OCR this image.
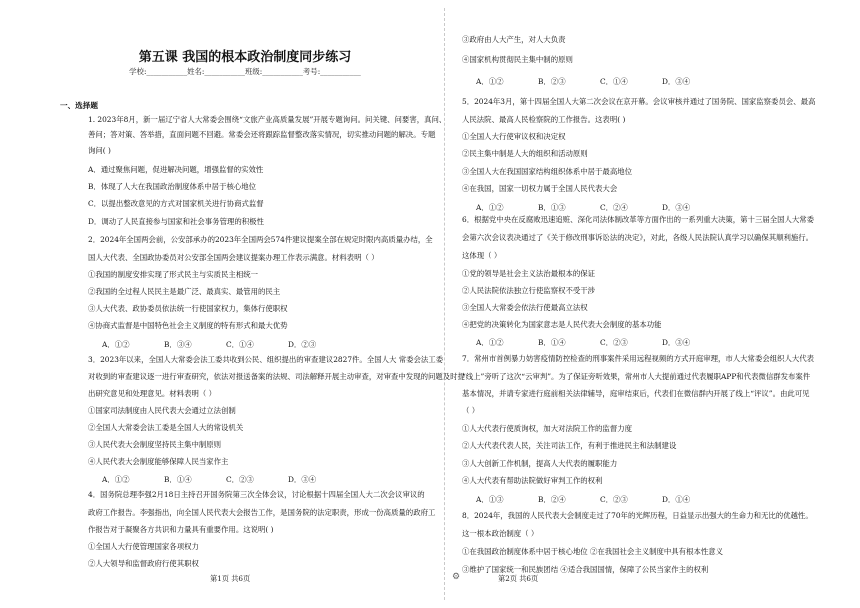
第五课 我国的根本政治制度同步练习
学校:___________姓名:___________班级:___________考号:___________
一、选择题
1. 2023年8月，新一届辽宁省人大常委会围绕“文旅产业高质量发展”开展专题询问。问关键、问要害，真问、
善问；答对策、答举措，直面问题不回避。常委会还将跟踪监督整改落实情况，切实推动问题的解决。专题
询问( )
A．通过聚焦问题，促进解决问题，增强监督的实效性
B．体现了人大在我国政治制度体系中居于核心地位
C．以提出整改意见的方式对国家机关进行协商式监督
D．调动了人民直接参与国家和社会事务管理的积极性
2．2024年全国两会前，公安部承办的2023年全国两会574件建议提案全部在规定时限内高质量办结，全
国人大代表、全国政协委员对公安部全国两会建议提案办理工作表示满意。材料表明（ ）
①我国的制度安排实现了形式民主与实质民主相统一
②我国的全过程人民民主是最广泛、最真实、最管用的民主
③人大代表、政协委员依法统一行使国家权力，集体行使职权
④协商式监督是中国特色社会主义制度的特有形式和最大优势
3．2023年以来，全国人大常委会法工委共收到公民、组织提出的审查建议2827件。全国人大 常委会法工委
对收到的审查建议逐一进行审查研究，依法对报送备案的法规、司法解释开展主动审查，对审查中发现的问题及时提
出研究意见和处理意见。材料表明（ ）
①国家司法制度由人民代表大会通过立法创制
②全国人大常委会法工委是全国人大的常设机关
③人民代表大会制度坚持民主集中制原则
④人民代表大会制度能够保障人民当家作主
4．国务院总理李强2月18日主持召开国务院第三次全体会议，讨论根据十四届全国人大二次会议审议的
政府工作报告。李强指出，向全国人民代表大会报告工作，是国务院的法定职责，形成一份高质量的政府工
作报告对于凝聚各方共识和力量具有重要作用。这说明( )
①全国人大行使管理国家各项权力
②人大领导和监督政府行使其职权
A．①②	B．③④	C．①④	D．②③
A．①②	B．①④	C．②③	D．③④
③政府由人大产生，对人大负责
④国家机构贯彻民主集中制的原则
5．2024年3月，第十四届全国人大第二次会议在京开幕。会议审核并通过了国务院、国家监察委员会、最高
人民法院、最高人民检察院的工作报告。这表明( )
①全国人大行使审议权和决定权
②民主集中制是人大的组织和活动原则
③全国人大在我国国家结构组织体系中居于最高地位
④在我国，国家一切权力属于全国人民代表大会
6．根据党中央在反腐败迅速追赃、深化司法体制改革等方面作出的一系列重大决策，第十三届全国人大常委
会第六次会议表决通过了《关于修改刑事诉讼法的决定》，对此，各级人民法院认真学习以确保其顺利施行。
这体现（ ）
①党的领导是社会主义法治最根本的保证
②人民法院依法独立行使监察权不受干涉
③全国人大常委会依法行使最高立法权
④把党的决策转化为国家意志是人民代表大会制度的基本功能
7．常州市首例暴力妨害疫情防控检查的刑事案件采用远程视频的方式开庭审理，市人大常委会组织人大代表
“线上”旁听了这次“云审判”。为了保证旁听效果，常州市人大提前通过代表履职APP和代表微信群发布案件
基本情况，并请专家进行庭前相关法律辅导，庭审结束后，代表们在微信群内开展了线上“评议”。由此可见
（ ）
①人大代表行使质询权，加大对法院工作的监督力度
②人大代表代表人民，关注司法工作，有利于推进民主和法制建设
③人大创新工作机制，提高人大代表的履职能力
④人大代表有帮助法院做好审判工作的权利
8．2024年，我国的人民代表大会制度走过了70年的光辉历程，日益显示出强大的生命力和无比的优越性。
这一根本政治制度（ ）
①在我国政治制度体系中居于核心地位 ②在我国社会主义制度中具有根本性意义
③维护了国家统一和民族团结 ④适合我国国情，保障了公民当家作主的权利
A．①②	B．②③	C．①④	D．③④
A．①②	B．①③	C．②④	D．③④
A．①②	B．①④	C．②③	D．③④
A．①③	B．②④	C．②③	D．①④
第1页 共6页	⚙	第2页 共6页
